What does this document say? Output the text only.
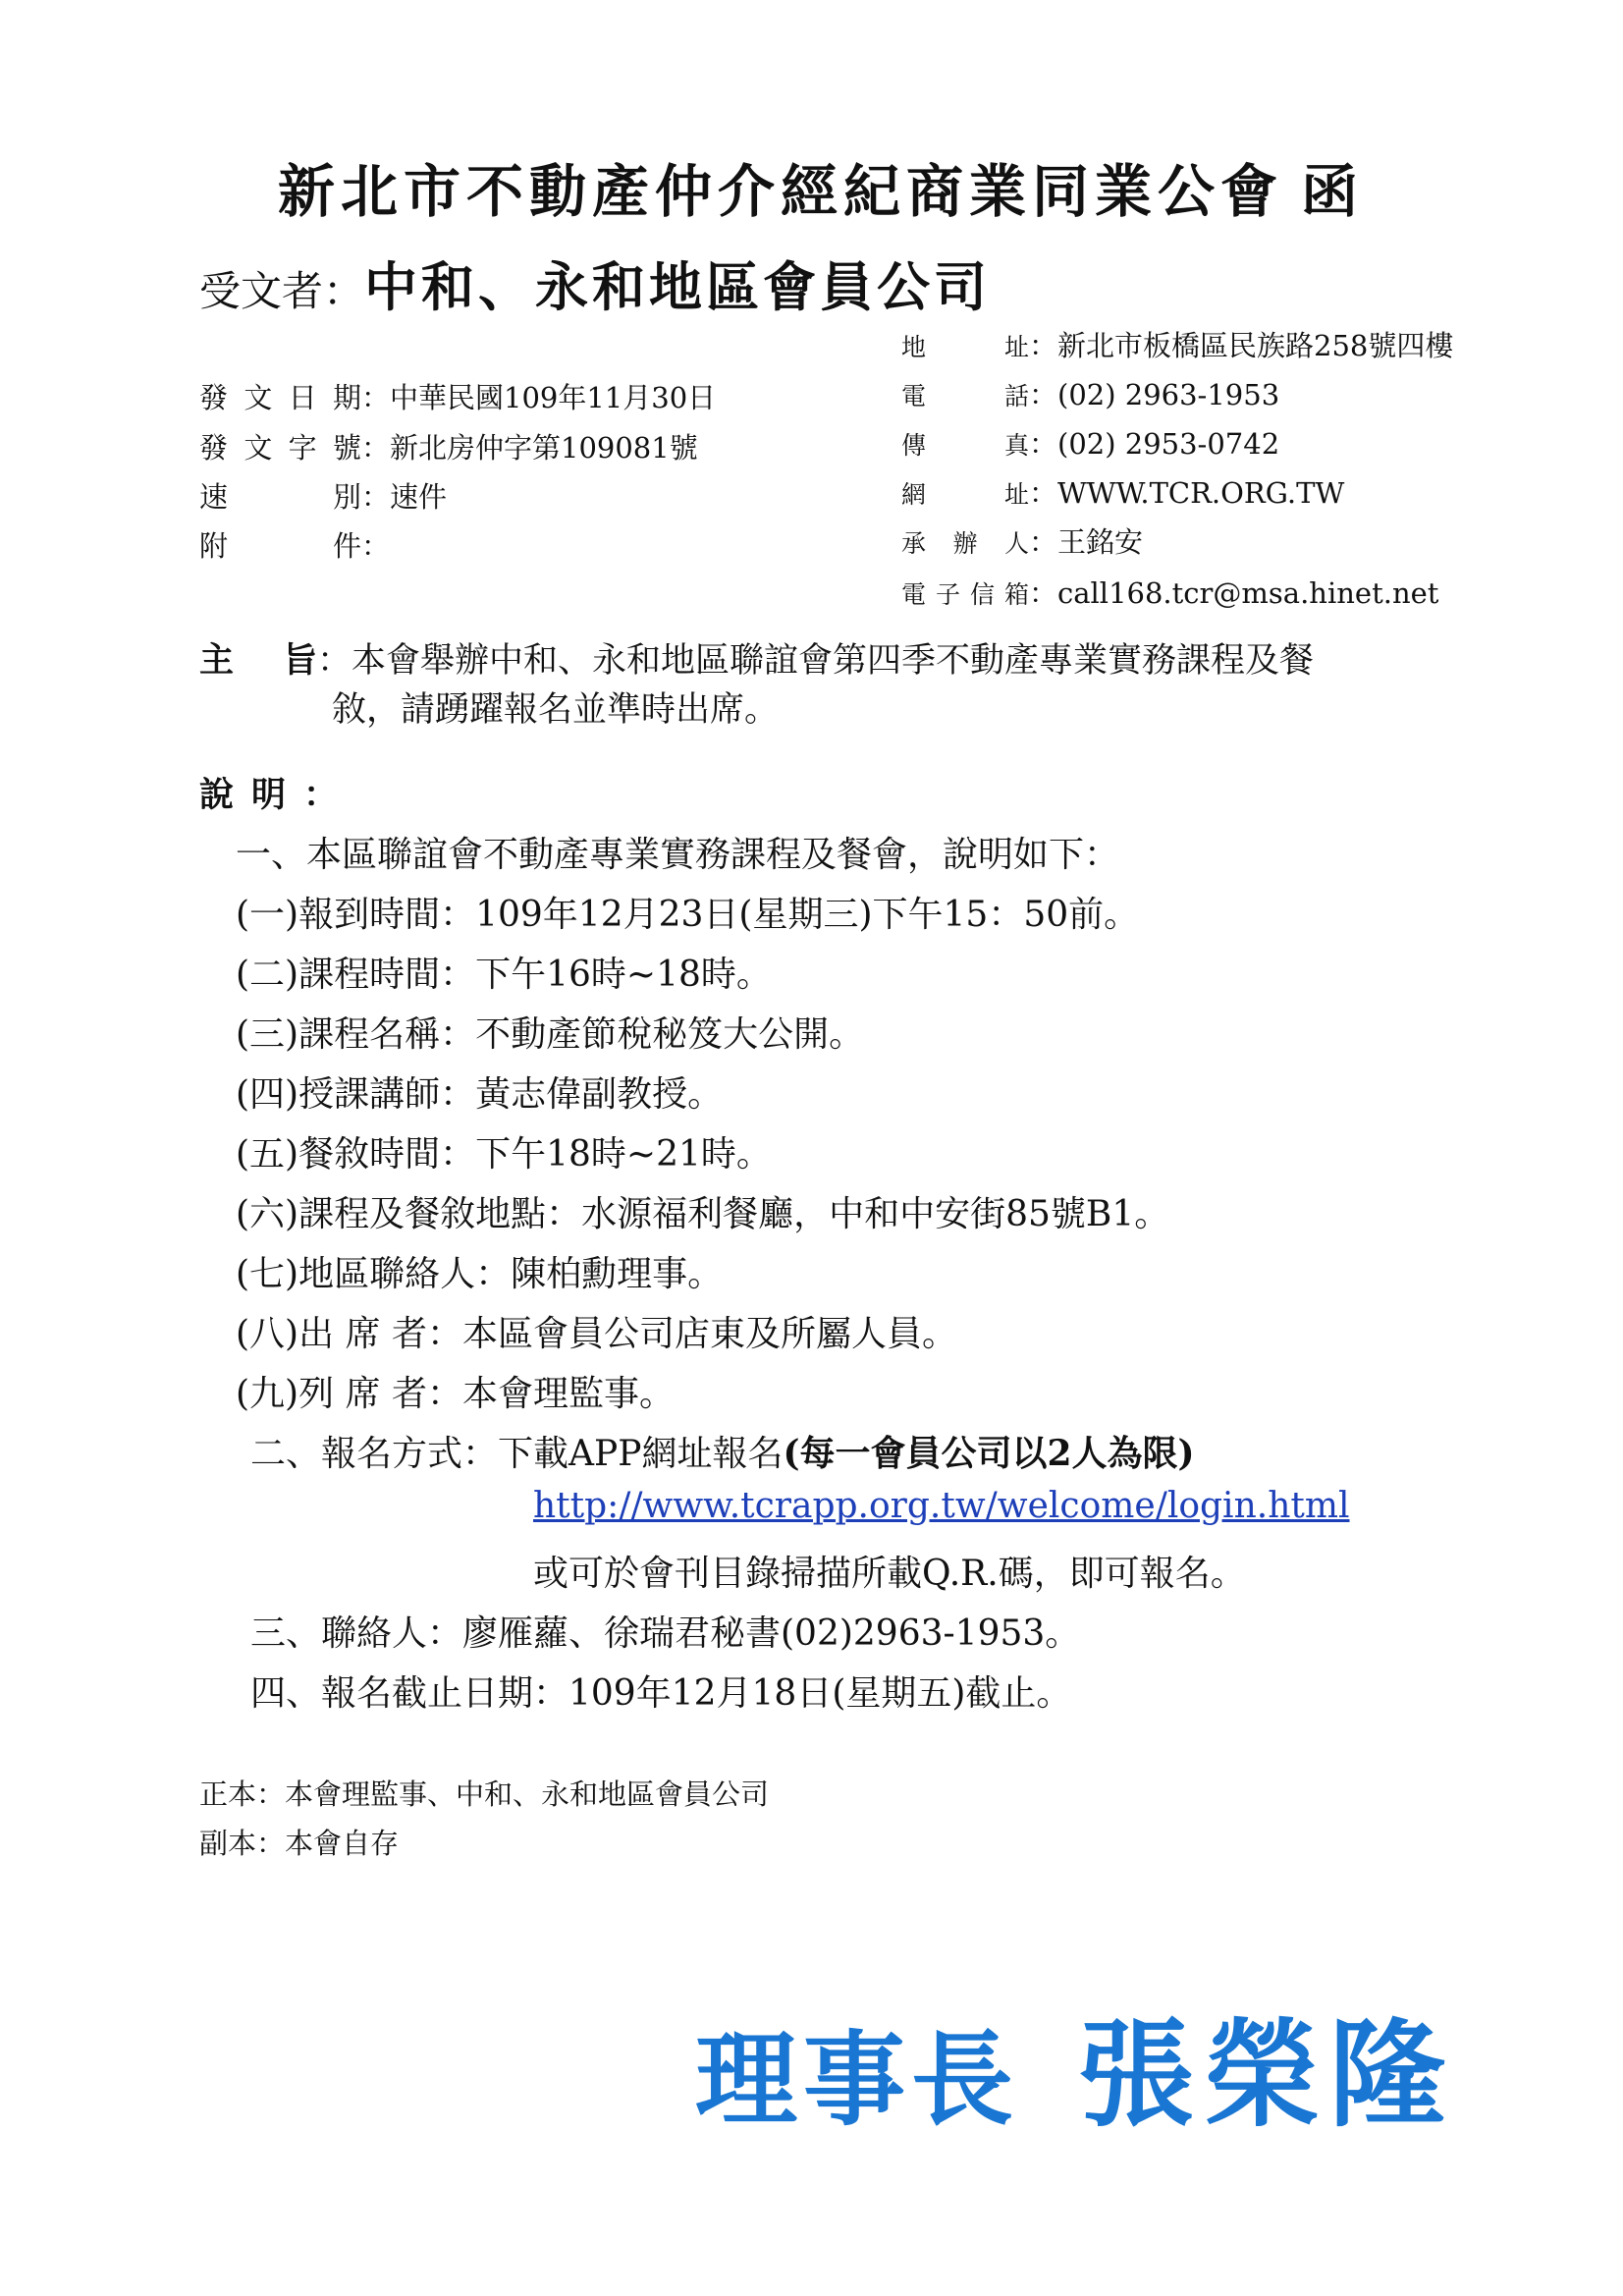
新北市不動產仲介經紀商業同業公會 函
受文者：中和、永和地區會員公司
地　址：新北市板橋區民族路258號四樓
電　話：(02) 2963-1953
傳　真：(02) 2953-0742
網　址：WWW.TCR.ORG.TW
承辦人：王銘安
電子信箱：call168.tcr@msa.hinet.net
發文日期：中華民國109年11月30日
發文字號：新北房仲字第109081號
速別：速件
附件：
主旨：本會舉辦中和、永和地區聯誼會第四季不動產專業實務課程及餐
敘，請踴躍報名並準時出席。
說明：
一、本區聯誼會不動產專業實務課程及餐會，說明如下：
(一)報到時間：109年12月23日(星期三)下午15：50前。
(二)課程時間：下午16時~18時。
(三)課程名稱：不動產節稅秘笈大公開。
(四)授課講師：黃志偉副教授。
(五)餐敘時間：下午18時~21時。
(六)課程及餐敘地點：水源福利餐廳，中和中安街85號B1。
(七)地區聯絡人：陳柏勳理事。
(八)出 席 者：本區會員公司店東及所屬人員。
(九)列 席 者：本會理監事。
二、報名方式：下載APP網址報名(每一會員公司以2人為限)
http://www.tcrapp.org.tw/welcome/login.html
或可於會刊目錄掃描所載Q.R.碼，即可報名。
三、聯絡人：廖雁蘿、徐瑞君秘書(02)2963-1953。
四、報名截止日期：109年12月18日(星期五)截止。
正本：本會理監事、中和、永和地區會員公司
副本：本會自存
理事長 張榮隆
